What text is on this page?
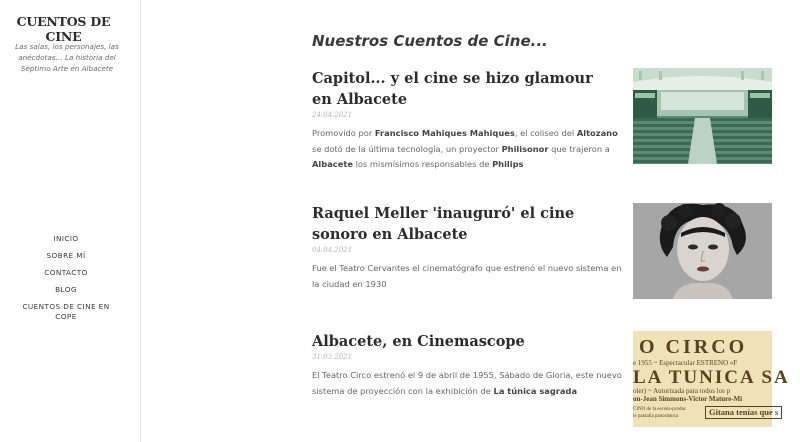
CUENTOS DE CINE
Las salas, los personajes, las anécdotas… La historia del Séptimo Arte en Albacete
INICIO
SOBRE MÍ
CONTACTO
BLOG
CUENTOS DE CINE EN COPE
Nuestros Cuentos de Cine...
Capitol... y el cine se hizo glamour en Albacete
24.04.2021

Promovido por Francisco Mahiques Mahiques, el coliseo del Altozano se dotó de la última tecnología, un proyector Philisonor que trajeron a Albacete los mismísimos responsables de Philips

Raquel Meller 'inauguró' el cine sonoro en Albacete
04.04.2021

Fue el Teatro Cervantes el cinematógrafo que estrenó el nuevo sistema en la ciudad en 1930

Albacete, en Cinemascope
31.03.2021

El Teatro Circo estrenó el 9 de abril de 1955, Sábado de Gloria, este nuevo sistema de proyección con la exhibición de La túnica sagrada

O CIRCO
e 1955 ~ Espectacular ESTRENO «F
LA TUNICA SA
oler) ~ Autorizada para todos los p
on-Jean Simmons-Victor Mature-Mi
CINO de la escena-produc
le pantalla panorámica	Gitana tenías que s
